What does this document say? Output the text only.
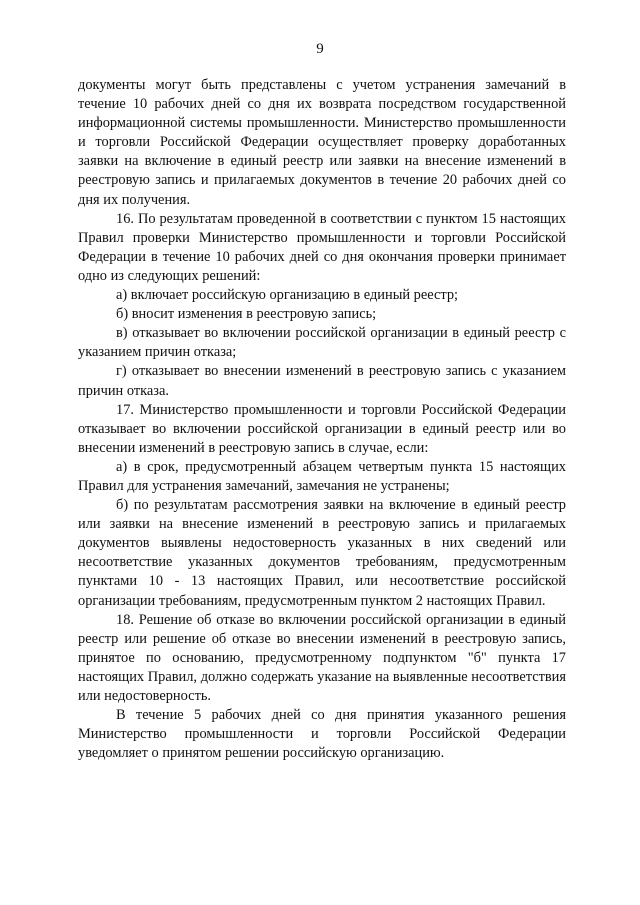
9

документы могут быть представлены с учетом устранения замечаний в течение 10 рабочих дней со дня их возврата посредством государственной информационной системы промышленности. Министерство промышленности и торговли Российской Федерации осуществляет проверку доработанных заявки на включение в единый реестр или заявки на внесение изменений в реестровую запись и прилагаемых документов в течение 20 рабочих дней со дня их получения.

16. По результатам проведенной в соответствии с пунктом 15 настоящих Правил проверки Министерство промышленности и торговли Российской Федерации в течение 10 рабочих дней со дня окончания проверки принимает одно из следующих решений:

а) включает российскую организацию в единый реестр;

б) вносит изменения в реестровую запись;

в) отказывает во включении российской организации в единый реестр с указанием причин отказа;

г) отказывает во внесении изменений в реестровую запись с указанием причин отказа.

17. Министерство промышленности и торговли Российской Федерации отказывает во включении российской организации в единый реестр или во внесении изменений в реестровую запись в случае, если:

а) в срок, предусмотренный абзацем четвертым пункта 15 настоящих Правил для устранения замечаний, замечания не устранены;

б) по результатам рассмотрения заявки на включение в единый реестр или заявки на внесение изменений в реестровую запись и прилагаемых документов выявлены недостоверность указанных в них сведений или несоответствие указанных документов требованиям, предусмотренным пунктами 10 - 13 настоящих Правил, или несоответствие российской организации требованиям, предусмотренным пунктом 2 настоящих Правил.

18. Решение об отказе во включении российской организации в единый реестр или решение об отказе во внесении изменений в реестровую запись, принятое по основанию, предусмотренному подпунктом "б" пункта 17 настоящих Правил, должно содержать указание на выявленные несоответствия или недостоверность.

В течение 5 рабочих дней со дня принятия указанного решения Министерство промышленности и торговли Российской Федерации уведомляет о принятом решении российскую организацию.
